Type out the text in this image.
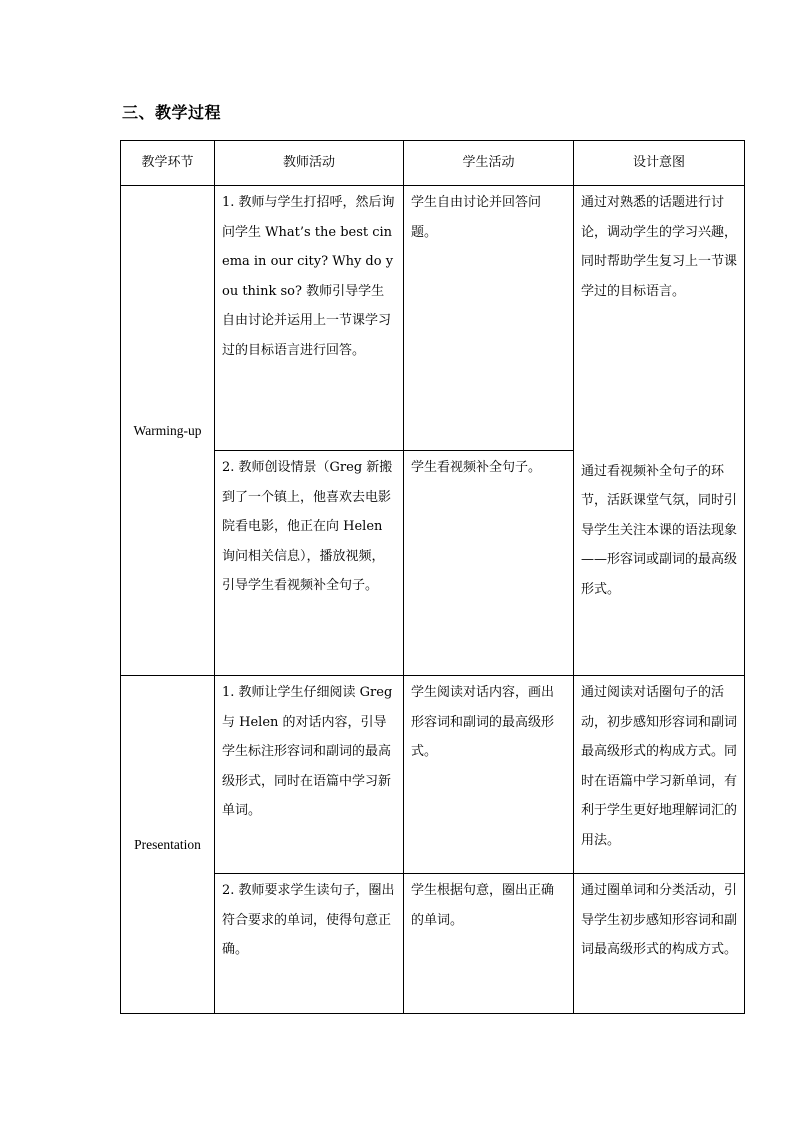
三、教学过程
教学环节	教师活动	学生活动	设计意图
Warming-up	1. 教师与学生打招呼，然后询问学生 What’s the best cinema in our city? Why do you think so? 教师引导学生自由讨论并运用上一节课学习过的目标语言进行回答。	学生自由讨论并回答问题。	通过对熟悉的话题进行讨论，调动学生的学习兴趣，同时帮助学生复习上一节课学过的目标语言。

	2. 教师创设情景（Greg 新搬到了一个镇上，他喜欢去电影院看电影，他正在向 Helen 询问相关信息），播放视频，引导学生看视频补全句子。	学生看视频补全句子。	通过看视频补全句子的环节，活跃课堂气氛，同时引导学生关注本课的语法现象——形容词或副词的最高级形式。

Presentation	1. 教师让学生仔细阅读 Greg 与 Helen 的对话内容，引导学生标注形容词和副词的最高级形式，同时在语篇中学习新单词。	学生阅读对话内容，画出形容词和副词的最高级形式。	通过阅读对话圈句子的活动，初步感知形容词和副词最高级形式的构成方式。同时在语篇中学习新单词，有利于学生更好地理解词汇的用法。

	2. 教师要求学生读句子，圈出符合要求的单词，使得句意正确。	学生根据句意，圈出正确的单词。	通过圈单词和分类活动，引导学生初步感知形容词和副词最高级形式的构成方式。
